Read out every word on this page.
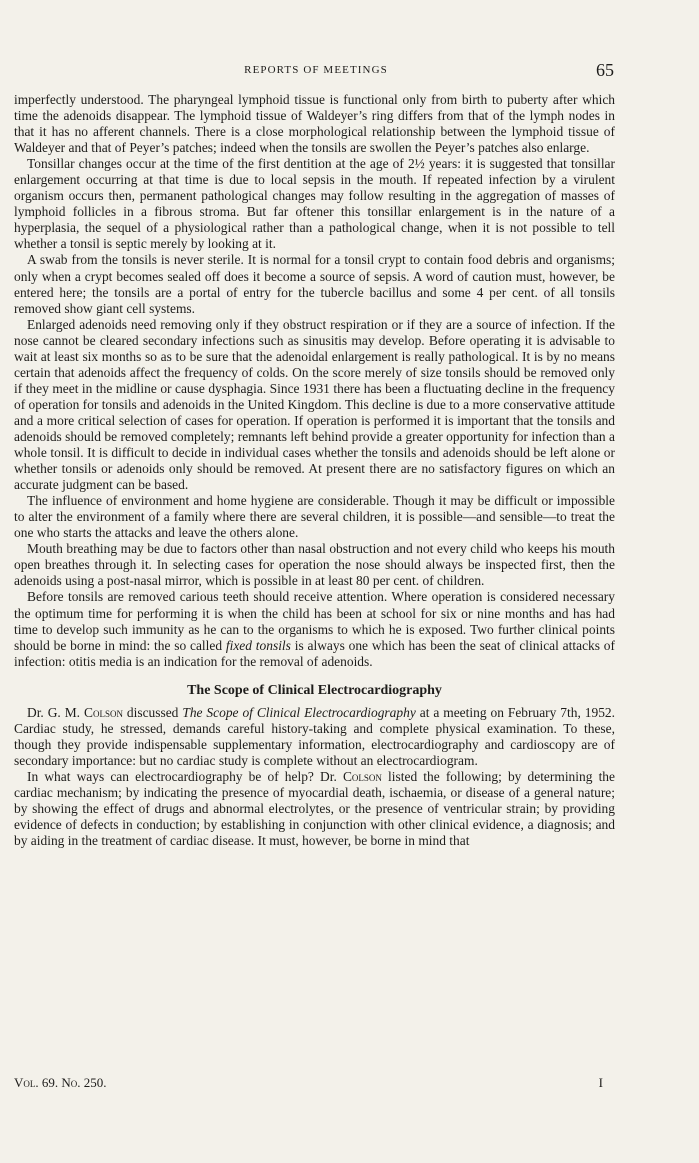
REPORTS OF MEETINGS	65

imperfectly understood. The pharyngeal lymphoid tissue is functional only from birth to puberty after which time the adenoids disappear. The lymphoid tissue of Waldeyer’s ring differs from that of the lymph nodes in that it has no afferent channels. There is a close morphological relationship between the lymphoid tissue of Waldeyer and that of Peyer’s patches; indeed when the tonsils are swollen the Peyer’s patches also enlarge.

Tonsillar changes occur at the time of the first dentition at the age of 2½ years: it is suggested that tonsillar enlargement occurring at that time is due to local sepsis in the mouth. If repeated infection by a virulent organism occurs then, permanent pathological changes may follow resulting in the aggregation of masses of lymphoid follicles in a fibrous stroma. But far oftener this tonsillar enlargement is in the nature of a hyperplasia, the sequel of a physiological rather than a pathological change, when it is not possible to tell whether a tonsil is septic merely by looking at it.

A swab from the tonsils is never sterile. It is normal for a tonsil crypt to contain food debris and organisms; only when a crypt becomes sealed off does it become a source of sepsis. A word of caution must, however, be entered here; the tonsils are a portal of entry for the tubercle bacillus and some 4 per cent. of all tonsils removed show giant cell systems.

Enlarged adenoids need removing only if they obstruct respiration or if they are a source of infection. If the nose cannot be cleared secondary infections such as sinusitis may develop. Before operating it is advisable to wait at least six months so as to be sure that the adenoidal enlargement is really pathological. It is by no means certain that adenoids affect the frequency of colds. On the score merely of size tonsils should be removed only if they meet in the midline or cause dysphagia. Since 1931 there has been a fluctuating decline in the frequency of operation for tonsils and adenoids in the United Kingdom. This decline is due to a more conservative attitude and a more critical selection of cases for operation. If operation is performed it is important that the tonsils and adenoids should be removed completely; remnants left behind provide a greater opportunity for infection than a whole tonsil. It is difficult to decide in individual cases whether the tonsils and adenoids should be left alone or whether tonsils or adenoids only should be removed. At present there are no satisfactory figures on which an accurate judgment can be based.

The influence of environment and home hygiene are considerable. Though it may be difficult or impossible to alter the environment of a family where there are several children, it is possible—and sensible—to treat the one who starts the attacks and leave the others alone.

Mouth breathing may be due to factors other than nasal obstruction and not every child who keeps his mouth open breathes through it. In selecting cases for operation the nose should always be inspected first, then the adenoids using a post-nasal mirror, which is possible in at least 80 per cent. of children.

Before tonsils are removed carious teeth should receive attention. Where operation is considered necessary the optimum time for performing it is when the child has been at school for six or nine months and has had time to develop such immunity as he can to the organisms to which he is exposed. Two further clinical points should be borne in mind: the so called fixed tonsils is always one which has been the seat of clinical attacks of infection: otitis media is an indication for the removal of adenoids.

The Scope of Clinical Electrocardiography

Dr. G. M. Colson discussed The Scope of Clinical Electrocardiography at a meeting on February 7th, 1952. Cardiac study, he stressed, demands careful history-taking and complete physical examination. To these, though they provide indispensable supplementary information, electrocardiography and cardioscopy are of secondary importance: but no cardiac study is complete without an electrocardiogram.

In what ways can electrocardiography be of help? Dr. Colson listed the following; by determining the cardiac mechanism; by indicating the presence of myocardial death, ischaemia, or disease of a general nature; by showing the effect of drugs and abnormal electrolytes, or the presence of ventricular strain; by providing evidence of defects in conduction; by establishing in conjunction with other clinical evidence, a diagnosis; and by aiding in the treatment of cardiac disease. It must, however, be borne in mind that

Vol. 69. No. 250.	I
